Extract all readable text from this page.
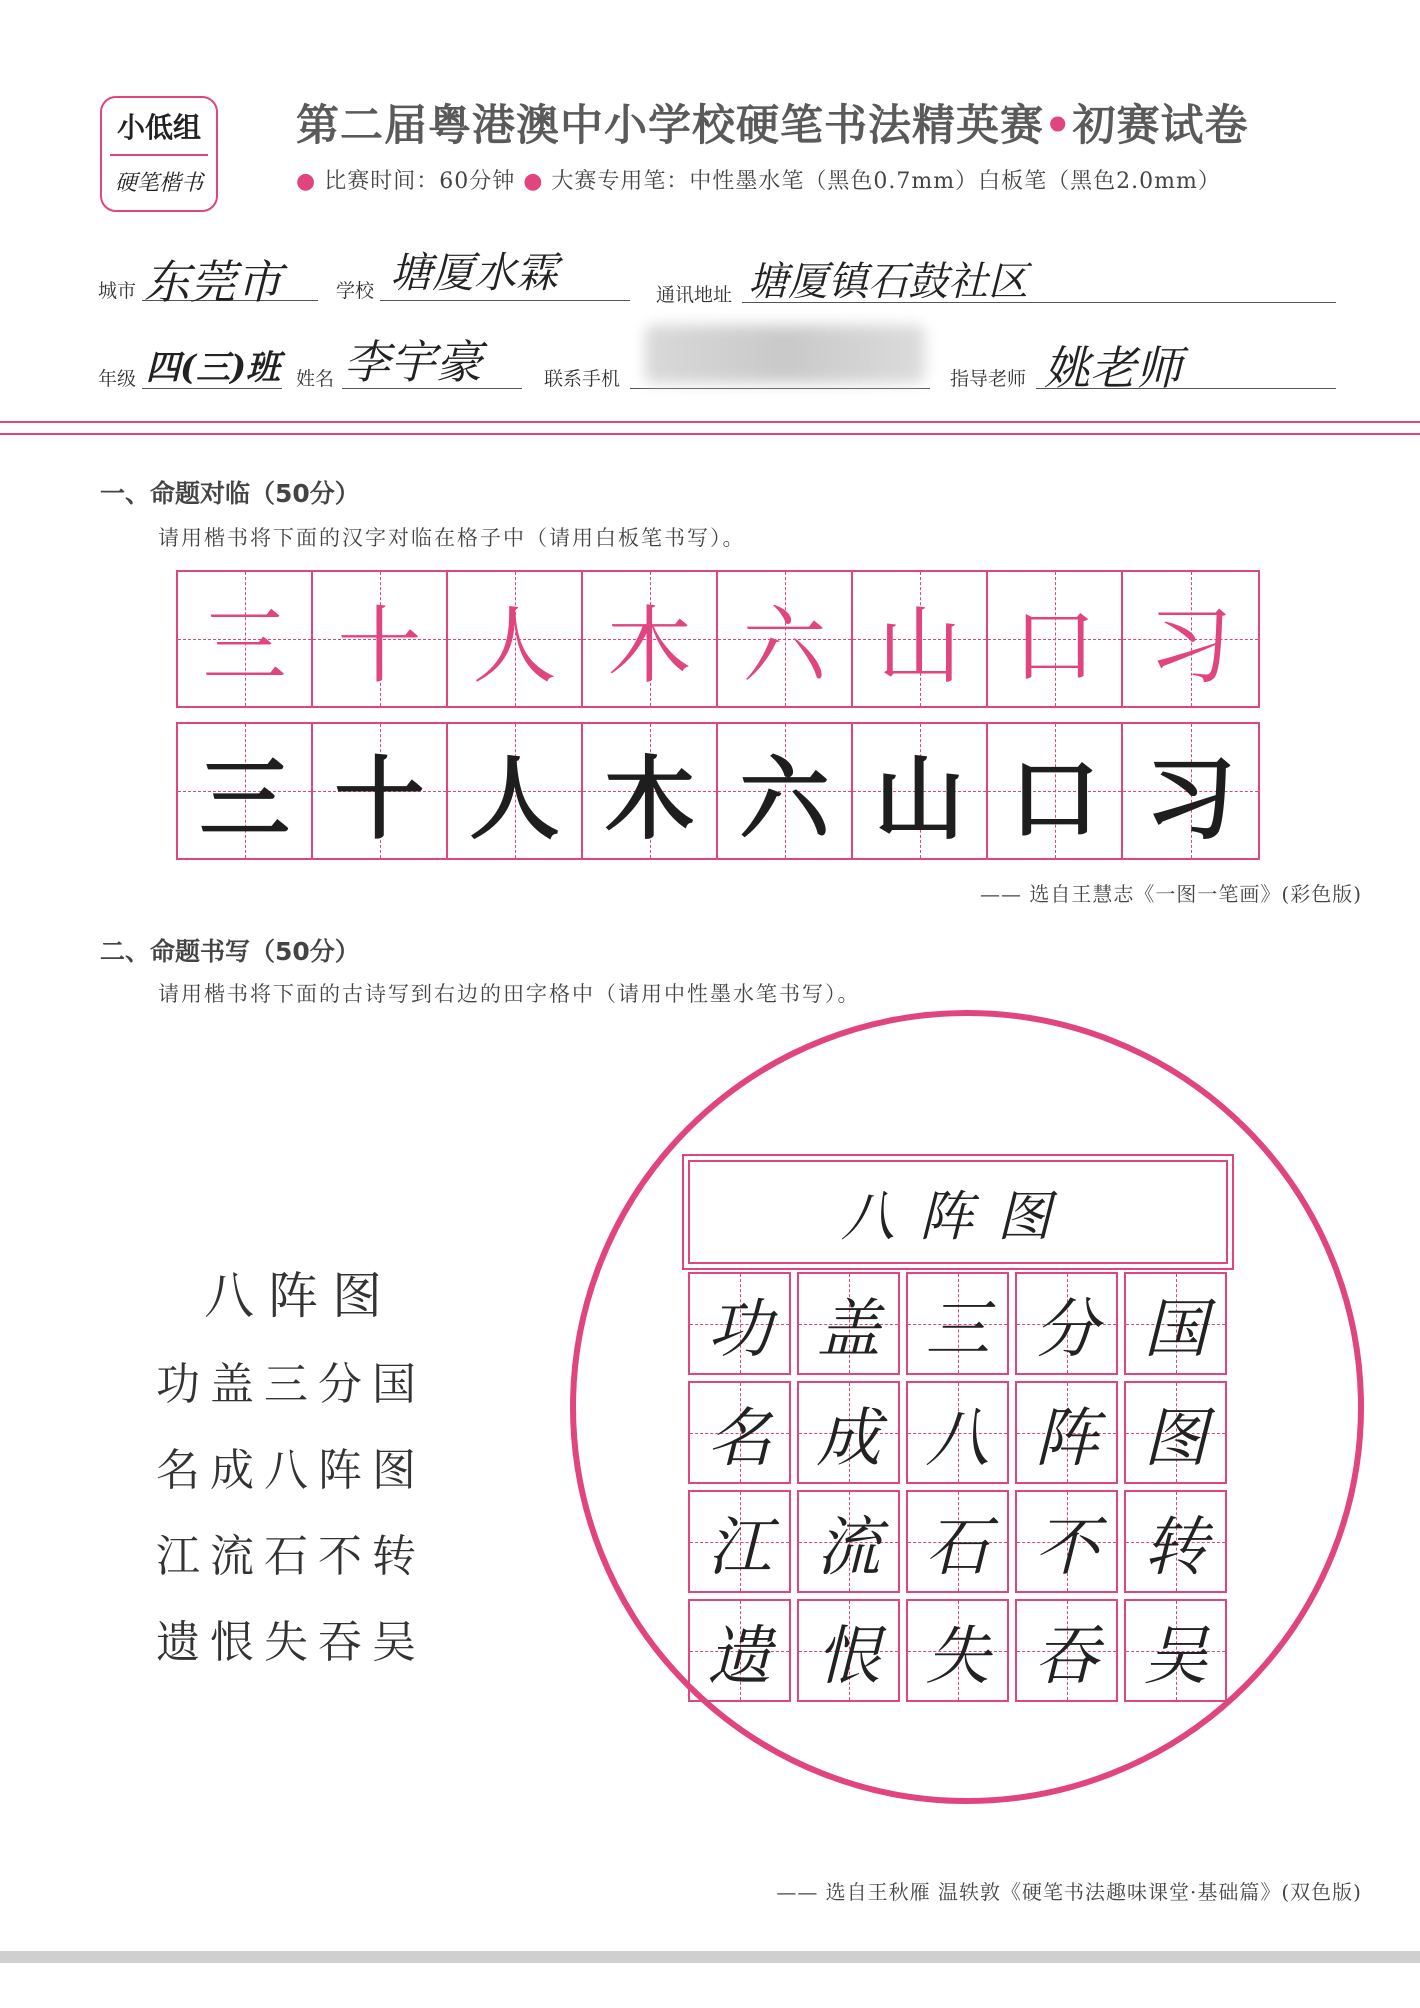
小低组
硬笔楷书
第二届粤港澳中小学校硬笔书法精英赛•初赛试卷
● 比赛时间：60分钟 ● 大赛专用笔：中性墨水笔（黑色0.7mm）白板笔（黑色2.0mm）
城市 东莞市	学校 塘厦水霖	通讯地址 塘厦镇石鼓社区
年级 四(三)班 姓名 李宇豪	联系手机	指导老师 姚老师
一、命题对临（50分）
请用楷书将下面的汉字对临在格子中（请用白板笔书写）。
三 十 人 木 六 山 口 习
三 十 人 木 六 山 口 习
—— 选自王慧志《一图一笔画》(彩色版)
二、命题书写（50分）
请用楷书将下面的古诗写到右边的田字格中（请用中性墨水笔书写）。
八阵图
功盖三分国
名成八阵图
江流石不转
遗恨失吞吴
八阵图
功 盖 三 分 国
名 成 八 阵 图
江 流 石 不 转
遗 恨 失 吞 吴
—— 选自王秋雁 温轶敦《硬笔书法趣味课堂·基础篇》(双色版)
